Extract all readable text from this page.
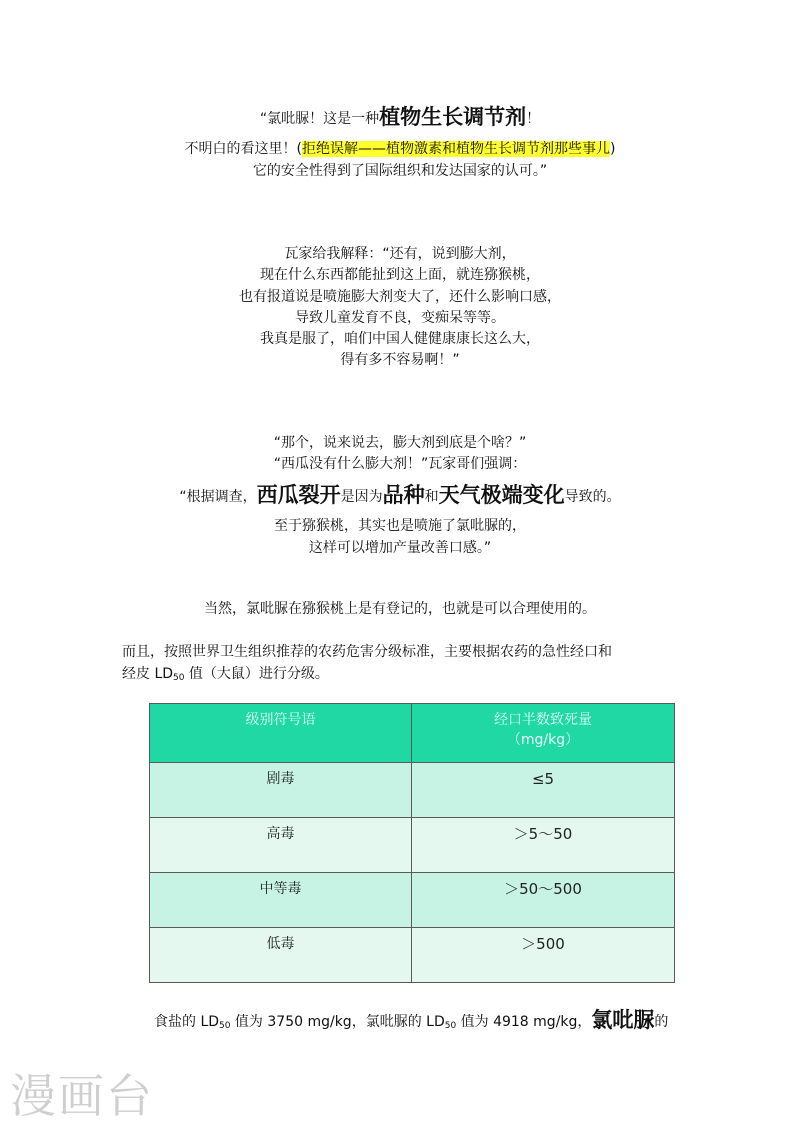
“氯吡脲！这是一种植物生长调节剂！
不明白的看这里！(拒绝误解——植物激素和植物生长调节剂那些事儿)
它的安全性得到了国际组织和发达国家的认可。”
瓦家给我解释：“还有，说到膨大剂，
现在什么东西都能扯到这上面，就连猕猴桃，
也有报道说是喷施膨大剂变大了，还什么影响口感，
导致儿童发育不良，变痴呆等等。
我真是服了，咱们中国人健健康康长这么大，
得有多不容易啊！”
“那个，说来说去，膨大剂到底是个啥？”
“西瓜没有什么膨大剂！”瓦家哥们强调：
“根据调查，西瓜裂开是因为品种和天气极端变化导致的。
至于猕猴桃，其实也是喷施了氯吡脲的，
这样可以增加产量改善口感。”
当然，氯吡脲在猕猴桃上是有登记的，也就是可以合理使用的。
而且，按照世界卫生组织推荐的农药危害分级标准，主要根据农药的急性经口和
经皮 $LD_{50}$ 值（大鼠）进行分级。
级别符号语	经口半数致死量
（mg/kg）
剧毒	≤5
高毒	＞5～50
中等毒	＞50～500
低毒	＞500
食盐的 $LD_{50}$ 值为 3750 mg/kg，氯吡脲的 $LD_{50}$ 值为 4918 mg/kg，氯吡脲的
漫画台
